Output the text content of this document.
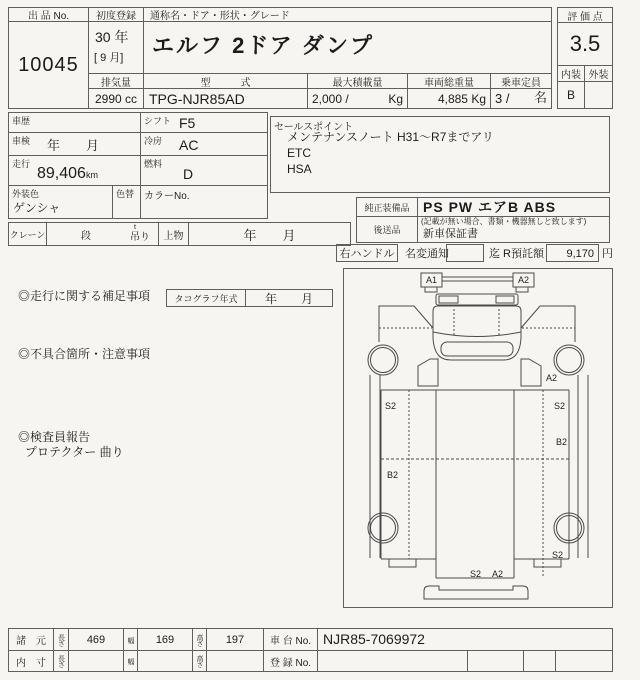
出 品 No.
10045
初度登録
30 年
[ 9 月]
排気量
2990 cc
通称名・ドア・形状・グレード
エルフ 2ドア ダンプ
型　　　式
TPG-NJR85AD
最大積載量
2,000 /	Kg
車両総重量
4,885 Kg
乗車定員
3 / 名
評 価 点
3.5
内装 外装
B
車歴	シフト F5
車検 年　　月	冷房 AC
走行
89,406km
燃料
D
外装色
ゲンシャ
色替 カラーNo.
クレーン	段
t
吊り	上物	年　　月
セールスポイント
メンテナンスノート H31～R7までアリ
ETC
HSA
純正装備品 PS PW エアB ABS
後送品
(記載が無い場合、書類・機器無しと致します)
新車保証書
右ハンドル 名変通知	迄 R預託額 9,170 円
◎走行に関する補足事項	タコグラフ年式	年　　月
◎不具合箇所・注意事項
◎検査員報告
プロテクター 曲り
A1	A2
A2
S2	S2
B2
B2
S2
S2 A2
諸　元	長さ	469	幅	169	高さ	197	車 台 No. NJR85-7069972
内　寸	長さ	幅	高さ	登 録 No.
